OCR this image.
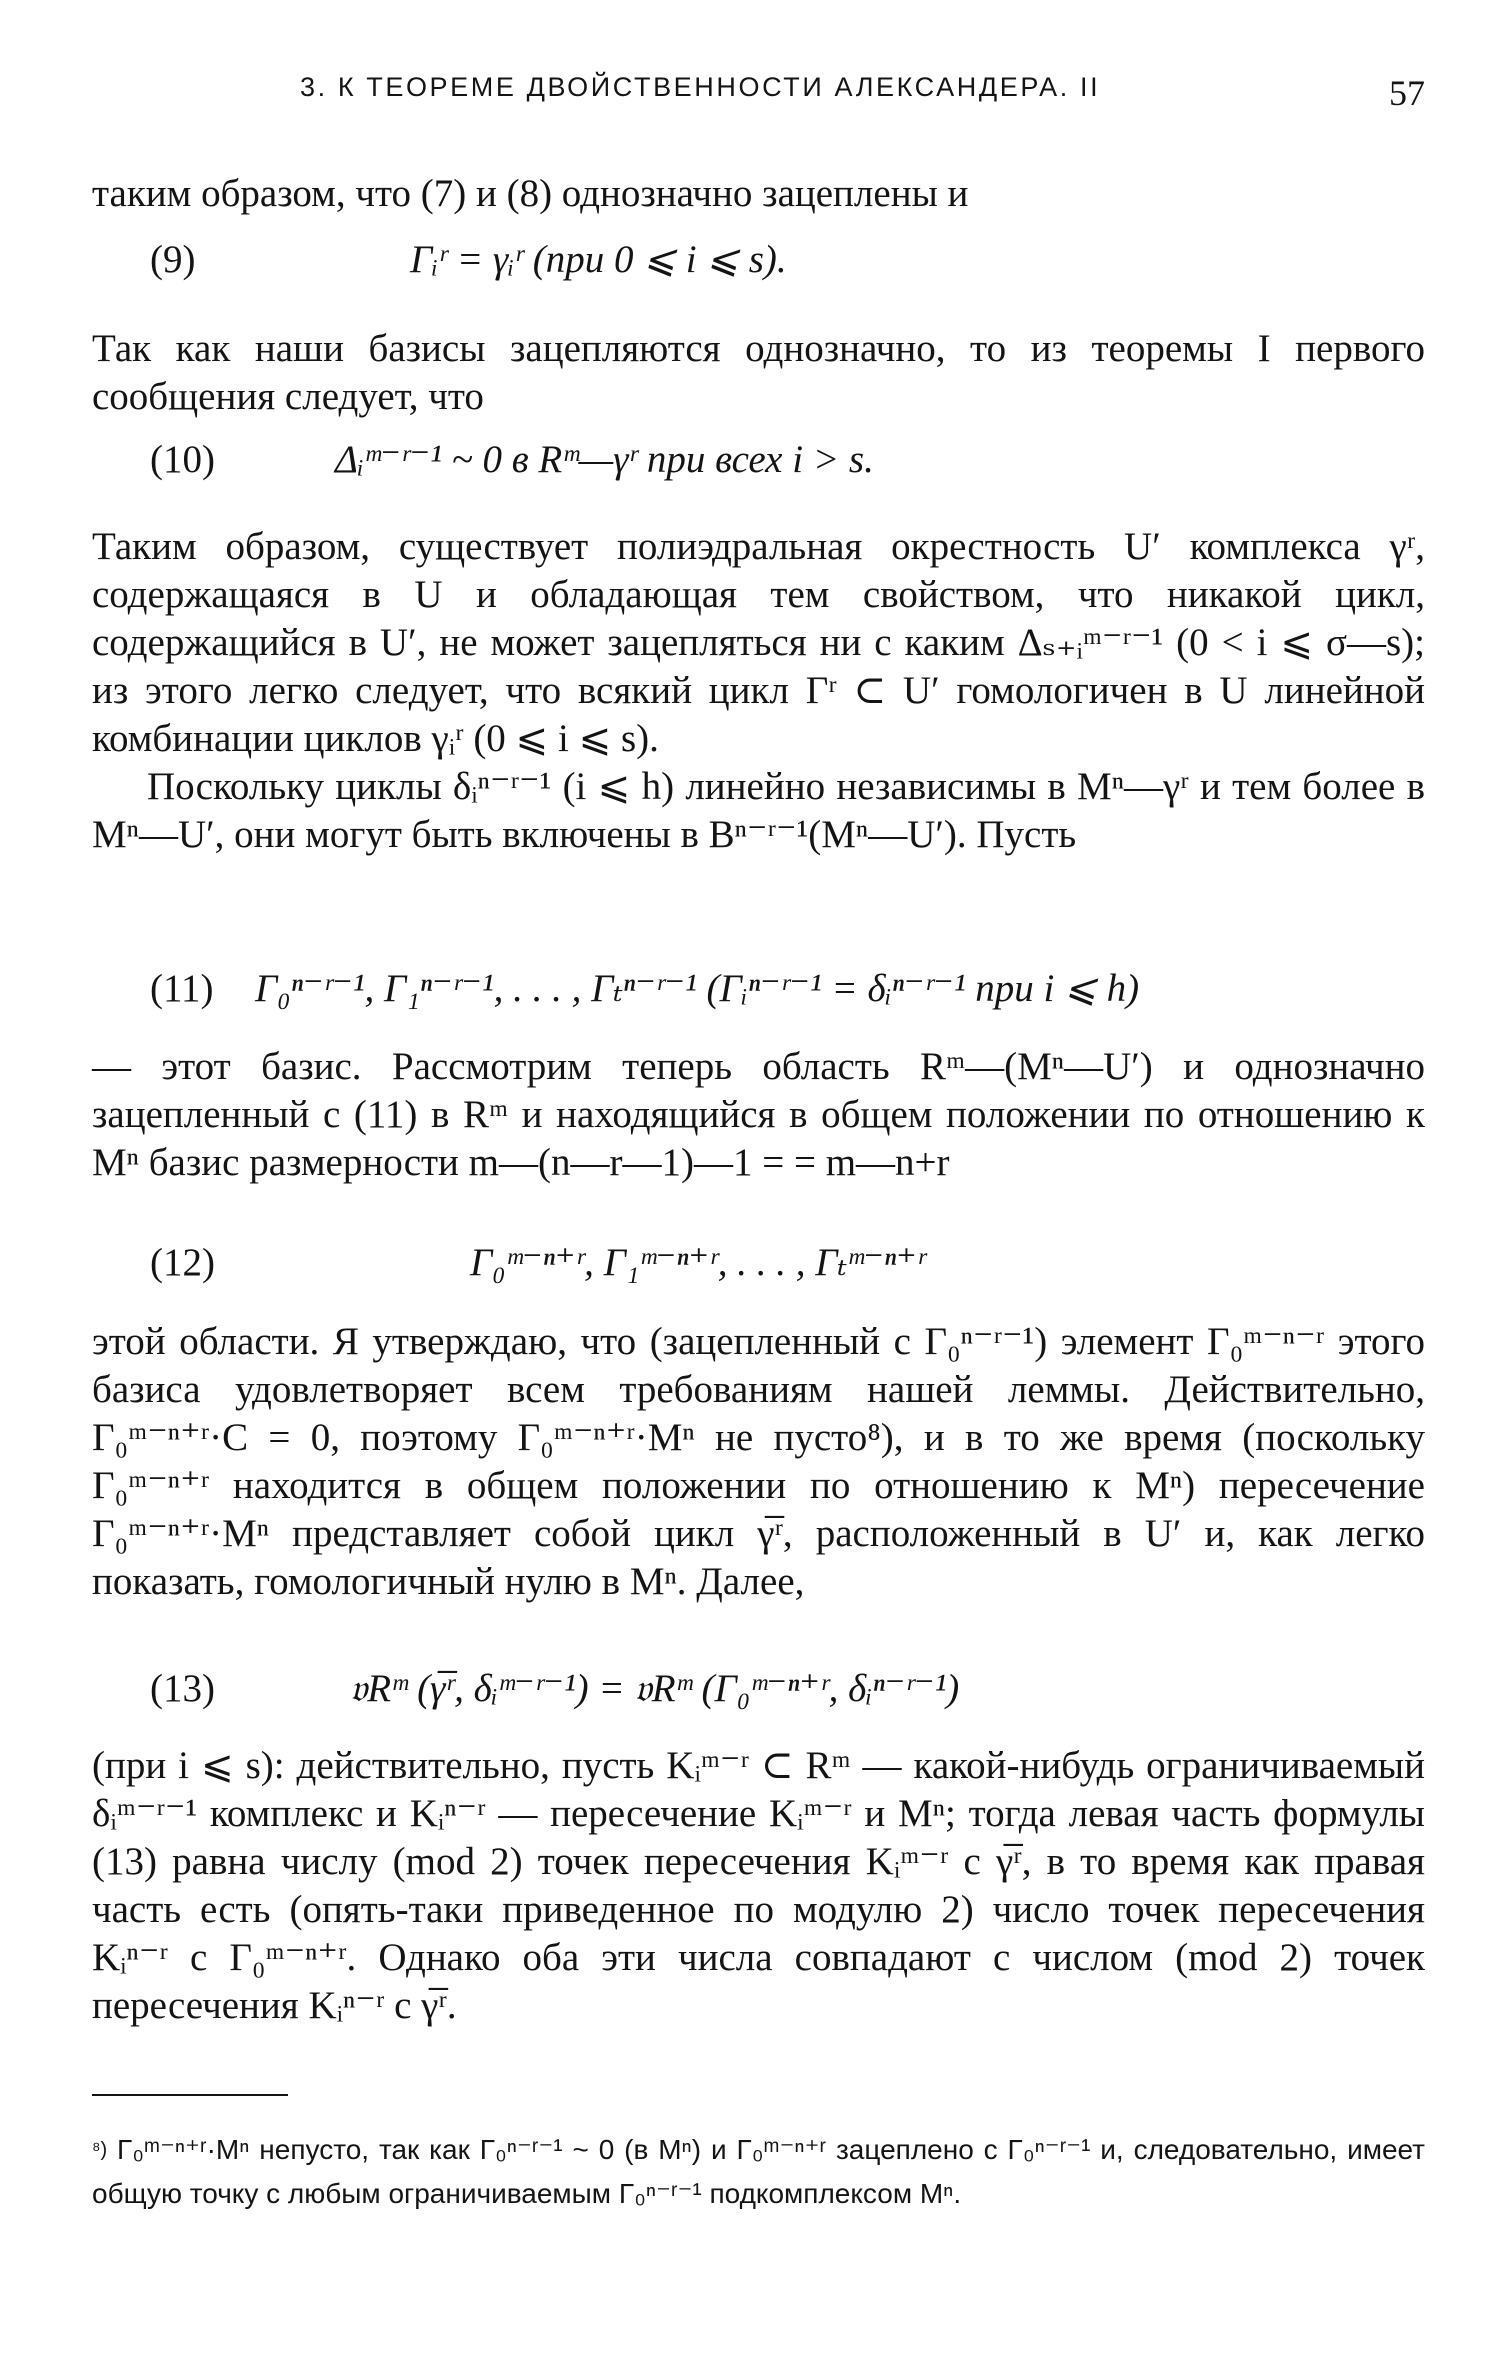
3. К ТЕОРЕМЕ ДВОЙСТВЕННОСТИ АЛЕКСАНДЕРА. II	57

таким образом, что (7) и (8) однозначно зацеплены и

(9)	Γᵢʳ = γᵢʳ (при 0 ⩽ i ⩽ s).

Так как наши базисы зацепляются однозначно, то из теоремы I первого сообщения следует, что

(10)	Δᵢᵐ⁻ʳ⁻¹ ~ 0 в Rᵐ—γʳ при всех i > s.

Таким образом, существует полиэдральная окрестность U′ комплекса γʳ, содержащаяся в U и обладающая тем свойством, что никакой цикл, содержащийся в U′, не может зацепляться ни с каким Δₛ₊ᵢᵐ⁻ʳ⁻¹ (0 < i ⩽ σ—s); из этого легко следует, что всякий цикл Γʳ ⊂ U′ гомологичен в U линейной комбинации циклов γᵢʳ (0 ⩽ i ⩽ s).

Поскольку циклы δᵢⁿ⁻ʳ⁻¹ (i ⩽ h) линейно независимы в Mⁿ—γʳ и тем более в Mⁿ—U′, они могут быть включены в Bⁿ⁻ʳ⁻¹(Mⁿ—U′). Пусть

(11) Γ₀ⁿ⁻ʳ⁻¹, Γ₁ⁿ⁻ʳ⁻¹, . . . , Γₜⁿ⁻ʳ⁻¹ (Γᵢⁿ⁻ʳ⁻¹ = δᵢⁿ⁻ʳ⁻¹ при i ⩽ h)

— этот базис. Рассмотрим теперь область Rᵐ—(Mⁿ—U′) и однозначно зацепленный с (11) в Rᵐ и находящийся в общем положении по отношению к Mⁿ базис размерности m—(n—r—1)—1 = = m—n+r

(12)	Γ₀ᵐ⁻ⁿ⁺ʳ, Γ₁ᵐ⁻ⁿ⁺ʳ, . . . , Γₜᵐ⁻ⁿ⁺ʳ

этой области. Я утверждаю, что (зацепленный с Γ₀ⁿ⁻ʳ⁻¹) элемент Γ₀ᵐ⁻ⁿ⁻ʳ этого базиса удовлетворяет всем требованиям нашей леммы. Действительно, Γ₀ᵐ⁻ⁿ⁺ʳ·C = 0, поэтому Γ₀ᵐ⁻ⁿ⁺ʳ·Mⁿ не пусто⁸), и в то же время (поскольку Γ₀ᵐ⁻ⁿ⁺ʳ находится в общем положении по отношению к Mⁿ) пересечение Γ₀ᵐ⁻ⁿ⁺ʳ·Mⁿ представляет собой цикл γ̅ʳ, расположенный в U′ и, как легко показать, гомологичный нулю в Mⁿ. Далее,

(13)	𝔳Rᵐ (γ̅ʳ, δᵢᵐ⁻ʳ⁻¹) = 𝔳Rᵐ (Γ₀ᵐ⁻ⁿ⁺ʳ, δᵢⁿ⁻ʳ⁻¹)

(при i ⩽ s): действительно, пусть Kᵢᵐ⁻ʳ ⊂ Rᵐ — какой-нибудь ограничиваемый δᵢᵐ⁻ʳ⁻¹ комплекс и Kᵢⁿ⁻ʳ — пересечение Kᵢᵐ⁻ʳ и Mⁿ; тогда левая часть формулы (13) равна числу (mod 2) точек пересечения Kᵢᵐ⁻ʳ с γ̅ʳ, в то время как правая часть есть (опять-таки приведенное по модулю 2) число точек пересечения Kᵢⁿ⁻ʳ с Γ₀ᵐ⁻ⁿ⁺ʳ. Однако оба эти числа совпадают с числом (mod 2) точек пересечения Kᵢⁿ⁻ʳ с γ̅ʳ.

$^{^8)}$ Γ₀ᵐ⁻ⁿ⁺ʳ·Mⁿ непусто, так как Γ₀ⁿ⁻ʳ⁻¹ ~ 0 (в Mⁿ) и Γ₀ᵐ⁻ⁿ⁺ʳ зацеплено с Γ₀ⁿ⁻ʳ⁻¹ и, следовательно, имеет общую точку с любым ограничиваемым Γ₀ⁿ⁻ʳ⁻¹ подкомплексом Mⁿ.
